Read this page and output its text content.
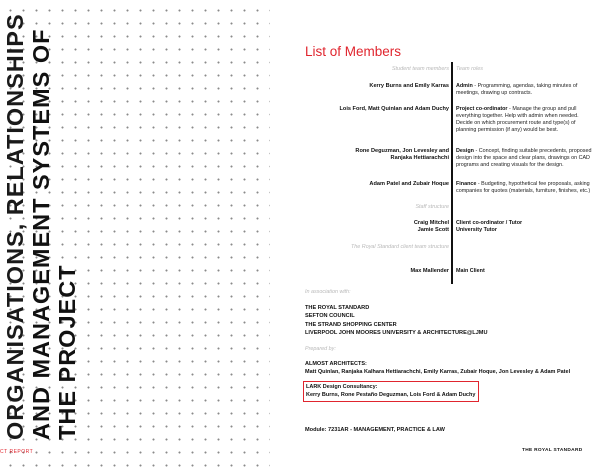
ORGANISATIONS, RELATIONSHIPS AND MANAGEMENT SYSTEMS OF THE PROJECT
CT REPORT
List of Members
Student team members Team roles
Kerry Burns and Emily Karras Admin - Programming, agendas, taking minutes of meetings, drawing up contracts.
Lois Ford, Matt Quinlan and Adam Duchy Project co-ordinator - Manage the group and pull everything together. Help with admin when needed. Decide on which procurement route and type(s) of planning permission (if any) would be best.
Rone Deguzman, Jon Levesley and
Ranjaka Hettiarachchi
Design - Concept, finding suitable precedents, proposed design into the space and clear plans, drawings on CAD programs and creating visuals for the design.
Adam Patel and Zubair Hoque Finance - Budgeting, hypothetical fee proposals, asking companies for quotes (materials, furniture, finishes, etc.)
Staff structure
Craig Mitchel
Jamie Scott
Client co-ordinator / Tutor
University Tutor
The Royal Standard client team structure
Max Mallender Main Client
In association with:
THE ROYAL STANDARD
SEFTON COUNCIL
THE STRAND SHOPPING CENTER
LIVERPOOL JOHN MOORES UNIVERSITY & ARCHITECTURE@LJMU
Prepared by:
ALMOST ARCHITECTS:
Matt Quinlan, Ranjaka Kalhara Hettiarachchi, Emily Karras, Zubair Hoque, Jon Levesley & Adam Patel
LARK Design Consultancy:
Kerry Burns, Rone Pestaño Deguzman, Lois Ford & Adam Duchy
Module: 7231AR - MANAGEMENT, PRACTICE & LAW
THE ROYAL STANDARD
